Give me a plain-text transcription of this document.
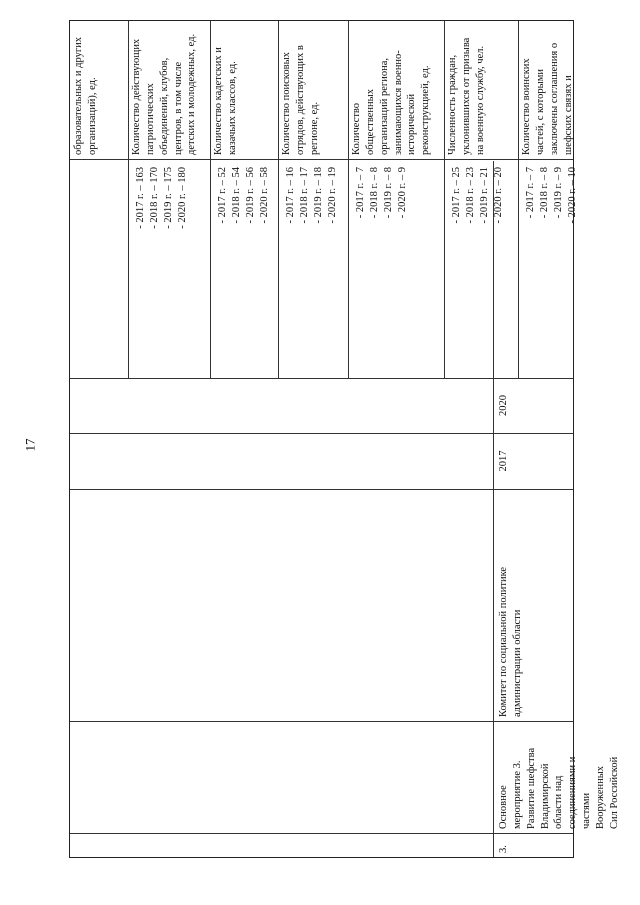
17
3.
Основное
мероприятие 3.
Развитие шефства
Владимирской
области над
соединениями и
частями
Вооруженных
Сил Российской
Комитет по социальной политике
администрации области
2017
2020
образовательных и других
организаций), ед.
Количество действующих
патриотических
объединений, клубов,
центров, в том числе
детских и молодежных, ед.
- 2017 г. – 163
- 2018 г. – 170
- 2019 г. – 175
- 2020 г. – 180
Количество кадетских и
казачьих классов, ед.
- 2017 г. – 52
- 2018 г. – 54
- 2019 г. – 56
- 2020 г. – 58
Количество поисковых
отрядов, действующих в
регионе, ед.
- 2017 г. – 16
- 2018 г. – 17
- 2019 г. – 18
- 2020 г. – 19
Количество
общественных
организаций региона,
занимающихся военно-
исторической
реконструкцией, ед.
- 2017 г. – 7
- 2018 г. – 8
- 2019 г. – 8
- 2020 г. – 9
Численность граждан,
уклонившихся от призыва
на военную службу, чел.
- 2017 г. – 25
- 2018 г. – 23
- 2019 г. – 21
- 2020 г. – 20
Количество воинских
частей, с которыми
заключены соглашения о
шефских связях и
- 2017 г. – 7
- 2018 г. – 8
- 2019 г. – 9
- 2020 г. – 10
